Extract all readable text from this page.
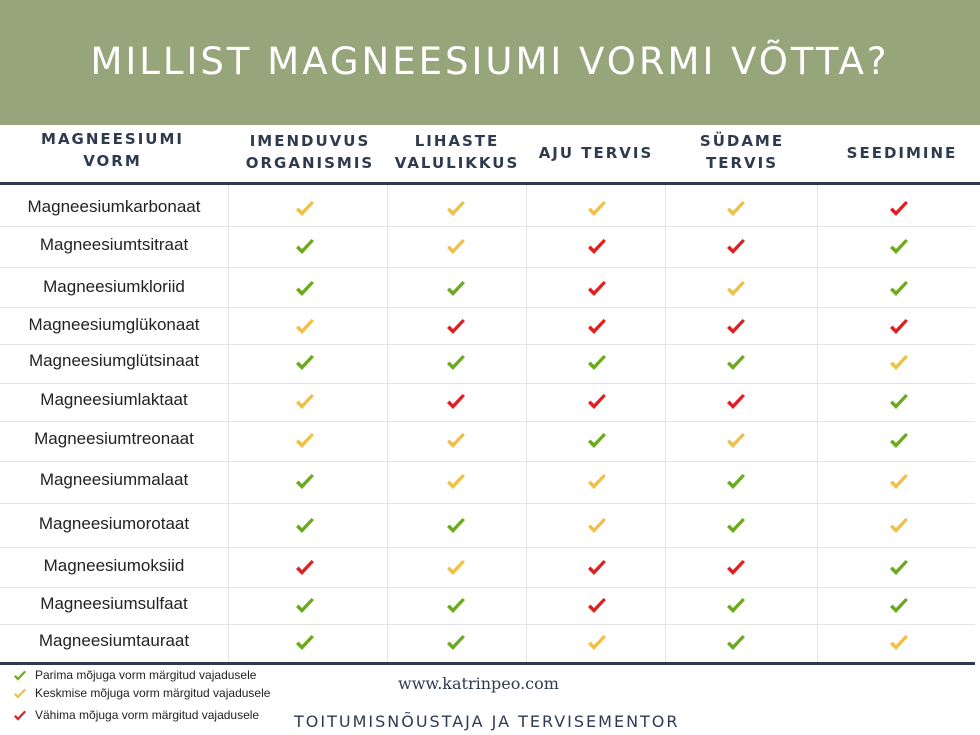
MILLIST MAGNEESIUMI VORMI VÕTTA?
MAGNEESIUMI
VORM
IMENDUVUS
ORGANISMIS
LIHASTE
VALULIKKUS
AJU TERVIS
SÜDAME
TERVIS
SEEDIMINE
Magneesiumkarbonaat
Magneesiumtsitraat
Magneesiumkloriid
Magneesiumglükonaat
Magneesiumglütsinaat
Magneesiumlaktaat
Magneesiumtreonaat
Magneesiummalaat
Magneesiumorotaat
Magneesiumoksiid
Magneesiumsulfaat
Magneesiumtauraat
Parima mõjuga vorm märgitud vajadusele
Keskmise mõjuga vorm märgitud vajadusele
Vähima mõjuga vorm märgitud vajadusele
www.katrinpeo.com
TOITUMISNÕUSTAJA JA TERVISEMENTOR
